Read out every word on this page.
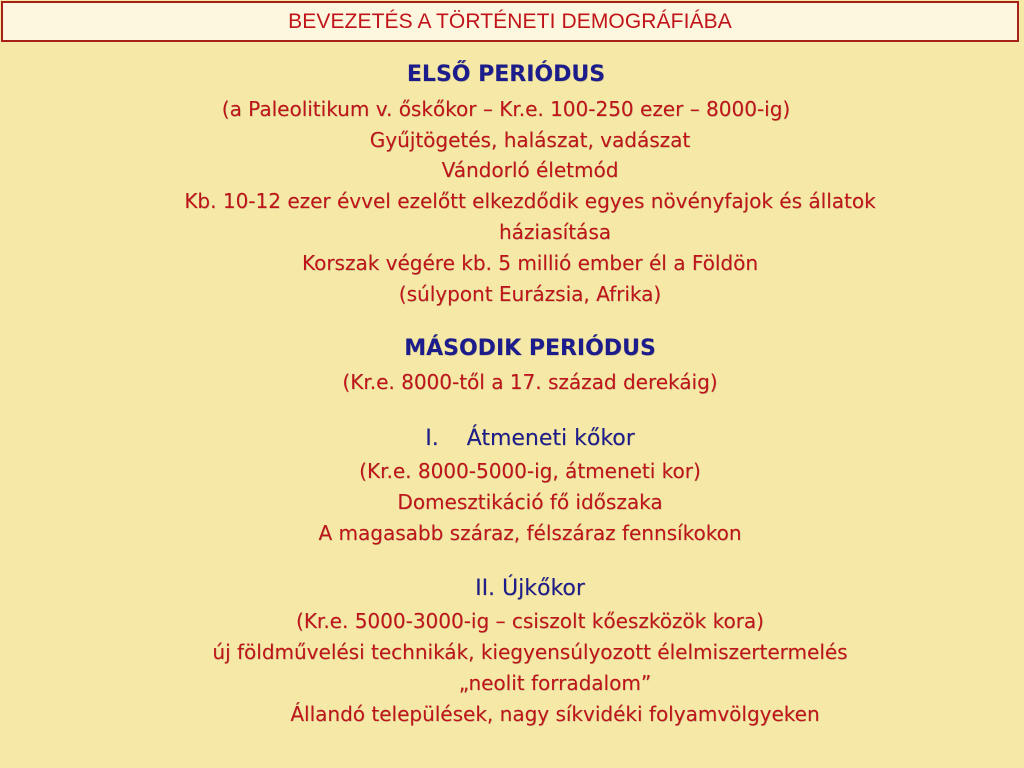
BEVEZETÉS A TÖRTÉNETI DEMOGRÁFIÁBA
ELSŐ PERIÓDUS
(a Paleolitikum v. őskőkor – Kr.e. 100-250 ezer – 8000-ig)
Gyűjtögetés, halászat, vadászat
Vándorló életmód
Kb. 10-12 ezer évvel ezelőtt elkezdődik egyes növényfajok és állatok
háziasítása
Korszak végére kb. 5 millió ember él a Földön
(súlypont Eurázsia, Afrika)
MÁSODIK PERIÓDUS
(Kr.e. 8000-től a 17. század derekáig)
I.    Átmeneti kőkor
(Kr.e. 8000-5000-ig, átmeneti kor)
Domesztikáció fő időszaka
A magasabb száraz, félszáraz fennsíkokon
II. Újkőkor
(Kr.e. 5000-3000-ig – csiszolt kőeszközök kora)
új földművelési technikák, kiegyensúlyozott élelmiszertermelés
„neolit forradalom”
Állandó települések, nagy síkvidéki folyamvölgyeken
